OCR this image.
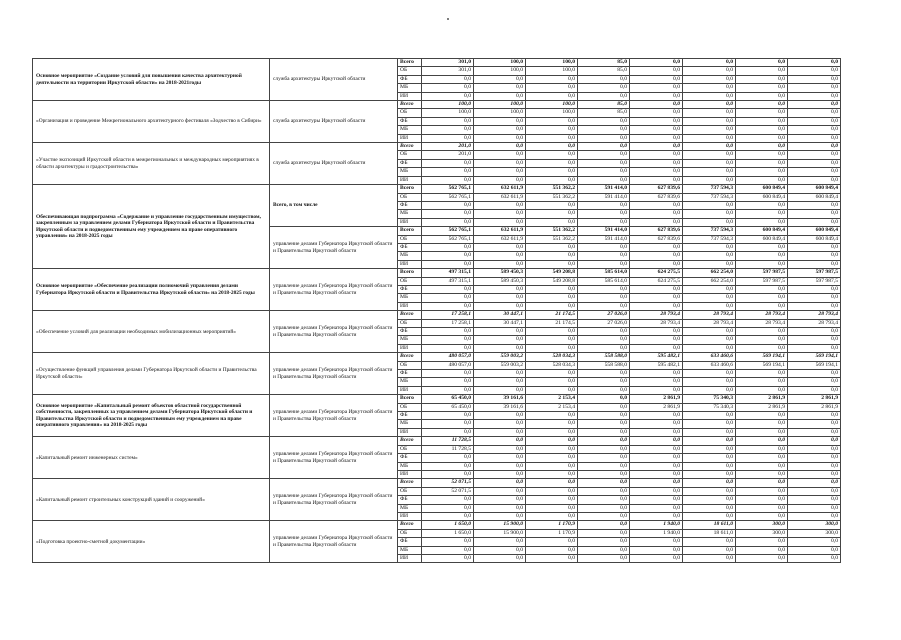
Основное мероприятие «Создание условий для повышения качества архитектурной деятельности на территории Иркутской области» на 2018-2021годы	служба архитектуры Иркутской области	Всего	301,0	100,0	100,0	85,0	0,0	0,0	0,0	0,0
		ОБ	301,0	100,0	100,0	85,0	0,0	0,0	0,0	0,0
		ФБ	0,0	0,0	0,0	0,0	0,0	0,0	0,0	0,0
		МБ	0,0	0,0	0,0	0,0	0,0	0,0	0,0	0,0
		ИИ	0,0	0,0	0,0	0,0	0,0	0,0	0,0	0,0
«Организация и проведение Межрегионального архитектурного фестиваля «Зодчество в Сибири»	служба архитектуры Иркутской области	Всего	100,0	100,0	100,0	85,0	0,0	0,0	0,0	0,0
		ОБ	100,0	100,0	100,0	85,0	0,0	0,0	0,0	0,0
		ФБ	0,0	0,0	0,0	0,0	0,0	0,0	0,0	0,0
		МБ	0,0	0,0	0,0	0,0	0,0	0,0	0,0	0,0
		ИИ	0,0	0,0	0,0	0,0	0,0	0,0	0,0	0,0
«Участие экспозиций Иркутской области в межрегиональных и международных мероприятиях в области архитектуры и градостроительства»	служба архитектуры Иркутской области	Всего	201,0	0,0	0,0	0,0	0,0	0,0	0,0	0,0
		ОБ	201,0	0,0	0,0	0,0	0,0	0,0	0,0	0,0
		ФБ	0,0	0,0	0,0	0,0	0,0	0,0	0,0	0,0
		МБ	0,0	0,0	0,0	0,0	0,0	0,0	0,0	0,0
		ИИ	0,0	0,0	0,0	0,0	0,0	0,0	0,0	0,0
Обеспечивающая подпрограмма «Содержание и управление государственным имуществом, закрепленным за управлением делами Губернатора Иркутской области и Правительства Иркутской области и подведомственным ему учреждением на праве оперативного управления» на 2018-2025 годы	Всего, в том числе	Всего	562 765,1	632 611,9	551 362,2	591 414,0	627 839,6	737 594,3	600 849,4	600 849,4
		ОБ	562 765,1	632 611,9	551 362,2	591 414,0	627 839,6	737 594,3	600 849,4	600 849,4
		ФБ	0,0	0,0	0,0	0,0	0,0	0,0	0,0	0,0
		МБ	0,0	0,0	0,0	0,0	0,0	0,0	0,0	0,0
		ИИ	0,0	0,0	0,0	0,0	0,0	0,0	0,0	0,0
	управление делами Губернатора Иркутской области и Правительства Иркутской области	Всего	562 765,1	632 611,9	551 362,2	591 414,0	627 839,6	737 594,3	600 849,4	600 849,4
		ОБ	562 765,1	632 611,9	551 362,2	591 414,0	627 839,6	737 594,3	600 849,4	600 849,4
		ФБ	0,0	0,0	0,0	0,0	0,0	0,0	0,0	0,0
		МБ	0,0	0,0	0,0	0,0	0,0	0,0	0,0	0,0
		ИИ	0,0	0,0	0,0	0,0	0,0	0,0	0,0	0,0
Основное мероприятие «Обеспечение реализации полномочий управления делами Губернатора Иркутской области и Правительства Иркутской области» на 2018-2025 годы	управление делами Губернатора Иркутской области и Правительства Иркутской области	Всего	497 315,1	589 450,3	549 208,8	585 614,0	624 275,5	662 254,0	597 987,5	597 987,5
		ОБ	497 315,1	589 450,3	549 208,8	585 614,0	624 275,5	662 254,0	597 987,5	597 987,5
		ФБ	0,0	0,0	0,0	0,0	0,0	0,0	0,0	0,0
		МБ	0,0	0,0	0,0	0,0	0,0	0,0	0,0	0,0
		ИИ	0,0	0,0	0,0	0,0	0,0	0,0	0,0	0,0
«Обеспечение условий для реализации необходимых мобилизационных мероприятий»	управление делами Губернатора Иркутской области и Правительства Иркутской области	Всего	17 258,1	30 447,1	21 174,5	27 026,0	28 793,4	28 793,4	28 793,4	28 793,4
		ОБ	17 258,1	30 447,1	21 174,5	27 026,0	28 793,4	28 793,4	28 793,4	28 793,4
		ФБ	0,0	0,0	0,0	0,0	0,0	0,0	0,0	0,0
		МБ	0,0	0,0	0,0	0,0	0,0	0,0	0,0	0,0
		ИИ	0,0	0,0	0,0	0,0	0,0	0,0	0,0	0,0
«Осуществление функций управления делами Губернатора Иркутской области и Правительства Иркутской области»	управление делами Губернатора Иркутской области и Правительства Иркутской области	Всего	480 057,0	559 003,2	528 034,3	558 588,0	595 482,1	633 460,6	569 194,1	569 194,1
		ОБ	480 057,0	559 003,2	528 034,3	558 588,0	595 482,1	633 460,6	569 194,1	569 194,1
		ФБ	0,0	0,0	0,0	0,0	0,0	0,0	0,0	0,0
		МБ	0,0	0,0	0,0	0,0	0,0	0,0	0,0	0,0
		ИИ	0,0	0,0	0,0	0,0	0,0	0,0	0,0	0,0
Основное мероприятие «Капитальный ремонт объектов областной государственной собственности, закрепленных за управлением делами Губернатора Иркутской области и Правительства Иркутской области и подведомственным ему учреждением на праве оперативного управления» на 2018-2025 годы	управление делами Губернатора Иркутской области и Правительства Иркутской области	Всего	65 450,0	39 161,6	2 153,4	0,0	2 861,9	75 340,3	2 861,9	2 861,9
		ОБ	65 450,0	39 161,6	2 153,4	0,0	2 861,9	75 340,3	2 861,9	2 861,9
		ФБ	0,0	0,0	0,0	0,0	0,0	0,0	0,0	0,0
		МБ	0,0	0,0	0,0	0,0	0,0	0,0	0,0	0,0
		ИИ	0,0	0,0	0,0	0,0	0,0	0,0	0,0	0,0
«Капитальный ремонт инженерных систем»	управление делами Губернатора Иркутской области и Правительства Иркутской области	Всего	11 728,5	0,0	0,0	0,0	0,0	0,0	0,0	0,0
		ОБ	11 728,5	0,0	0,0	0,0	0,0	0,0	0,0	0,0
		ФБ	0,0	0,0	0,0	0,0	0,0	0,0	0,0	0,0
		МБ	0,0	0,0	0,0	0,0	0,0	0,0	0,0	0,0
		ИИ	0,0	0,0	0,0	0,0	0,0	0,0	0,0	0,0
«Капитальный ремонт строительных конструкций зданий и сооружений»	управление делами Губернатора Иркутской области и Правительства Иркутской области	Всего	52 071,5	0,0	0,0	0,0	0,0	0,0	0,0	0,0
		ОБ	52 071,5	0,0	0,0	0,0	0,0	0,0	0,0	0,0
		ФБ	0,0	0,0	0,0	0,0	0,0	0,0	0,0	0,0
		МБ	0,0	0,0	0,0	0,0	0,0	0,0	0,0	0,0
		ИИ	0,0	0,0	0,0	0,0	0,0	0,0	0,0	0,0
«Подготовка проектно-сметной документации»	управление делами Губернатора Иркутской области и Правительства Иркутской области	Всего	1 650,0	15 900,0	1 170,9	0,0	1 940,0	18 611,0	300,0	300,0
		ОБ	1 650,0	15 900,0	1 170,9	0,0	1 940,0	18 611,0	300,0	300,0
		ФБ	0,0	0,0	0,0	0,0	0,0	0,0	0,0	0,0
		МБ	0,0	0,0	0,0	0,0	0,0	0,0	0,0	0,0
		ИИ	0,0	0,0	0,0	0,0	0,0	0,0	0,0	0,0
